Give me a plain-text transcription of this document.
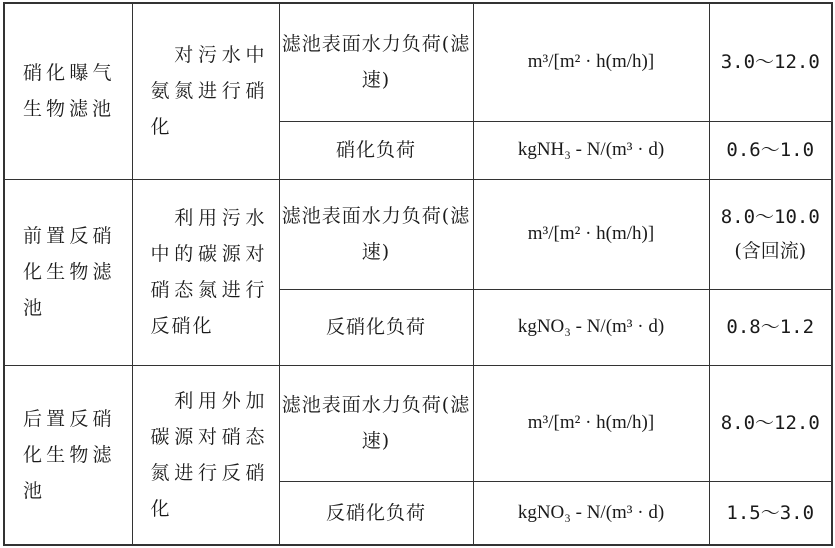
硝化曝气生物滤池	对污水中氨氮进行硝化	滤池表面水力负荷(滤速)	m³/[m² · h(m/h)]	3.0～12.0

		硝化负荷	kgNH₃ - N/(m³ · d)	0.6～1.0

前置反硝化生物滤池	利用污水中的碳源对硝态氮进行反硝化	滤池表面水力负荷(滤速)	m³/[m² · h(m/h)]	8.0～10.0
(含回流)

		反硝化负荷	kgNO₃ - N/(m³ · d)	0.8～1.2

后置反硝化生物滤池	利用外加碳源对硝态氮进行反硝化	滤池表面水力负荷(滤速)	m³/[m² · h(m/h)]	8.0～12.0

		反硝化负荷	kgNO₃ - N/(m³ · d)	1.5～3.0
